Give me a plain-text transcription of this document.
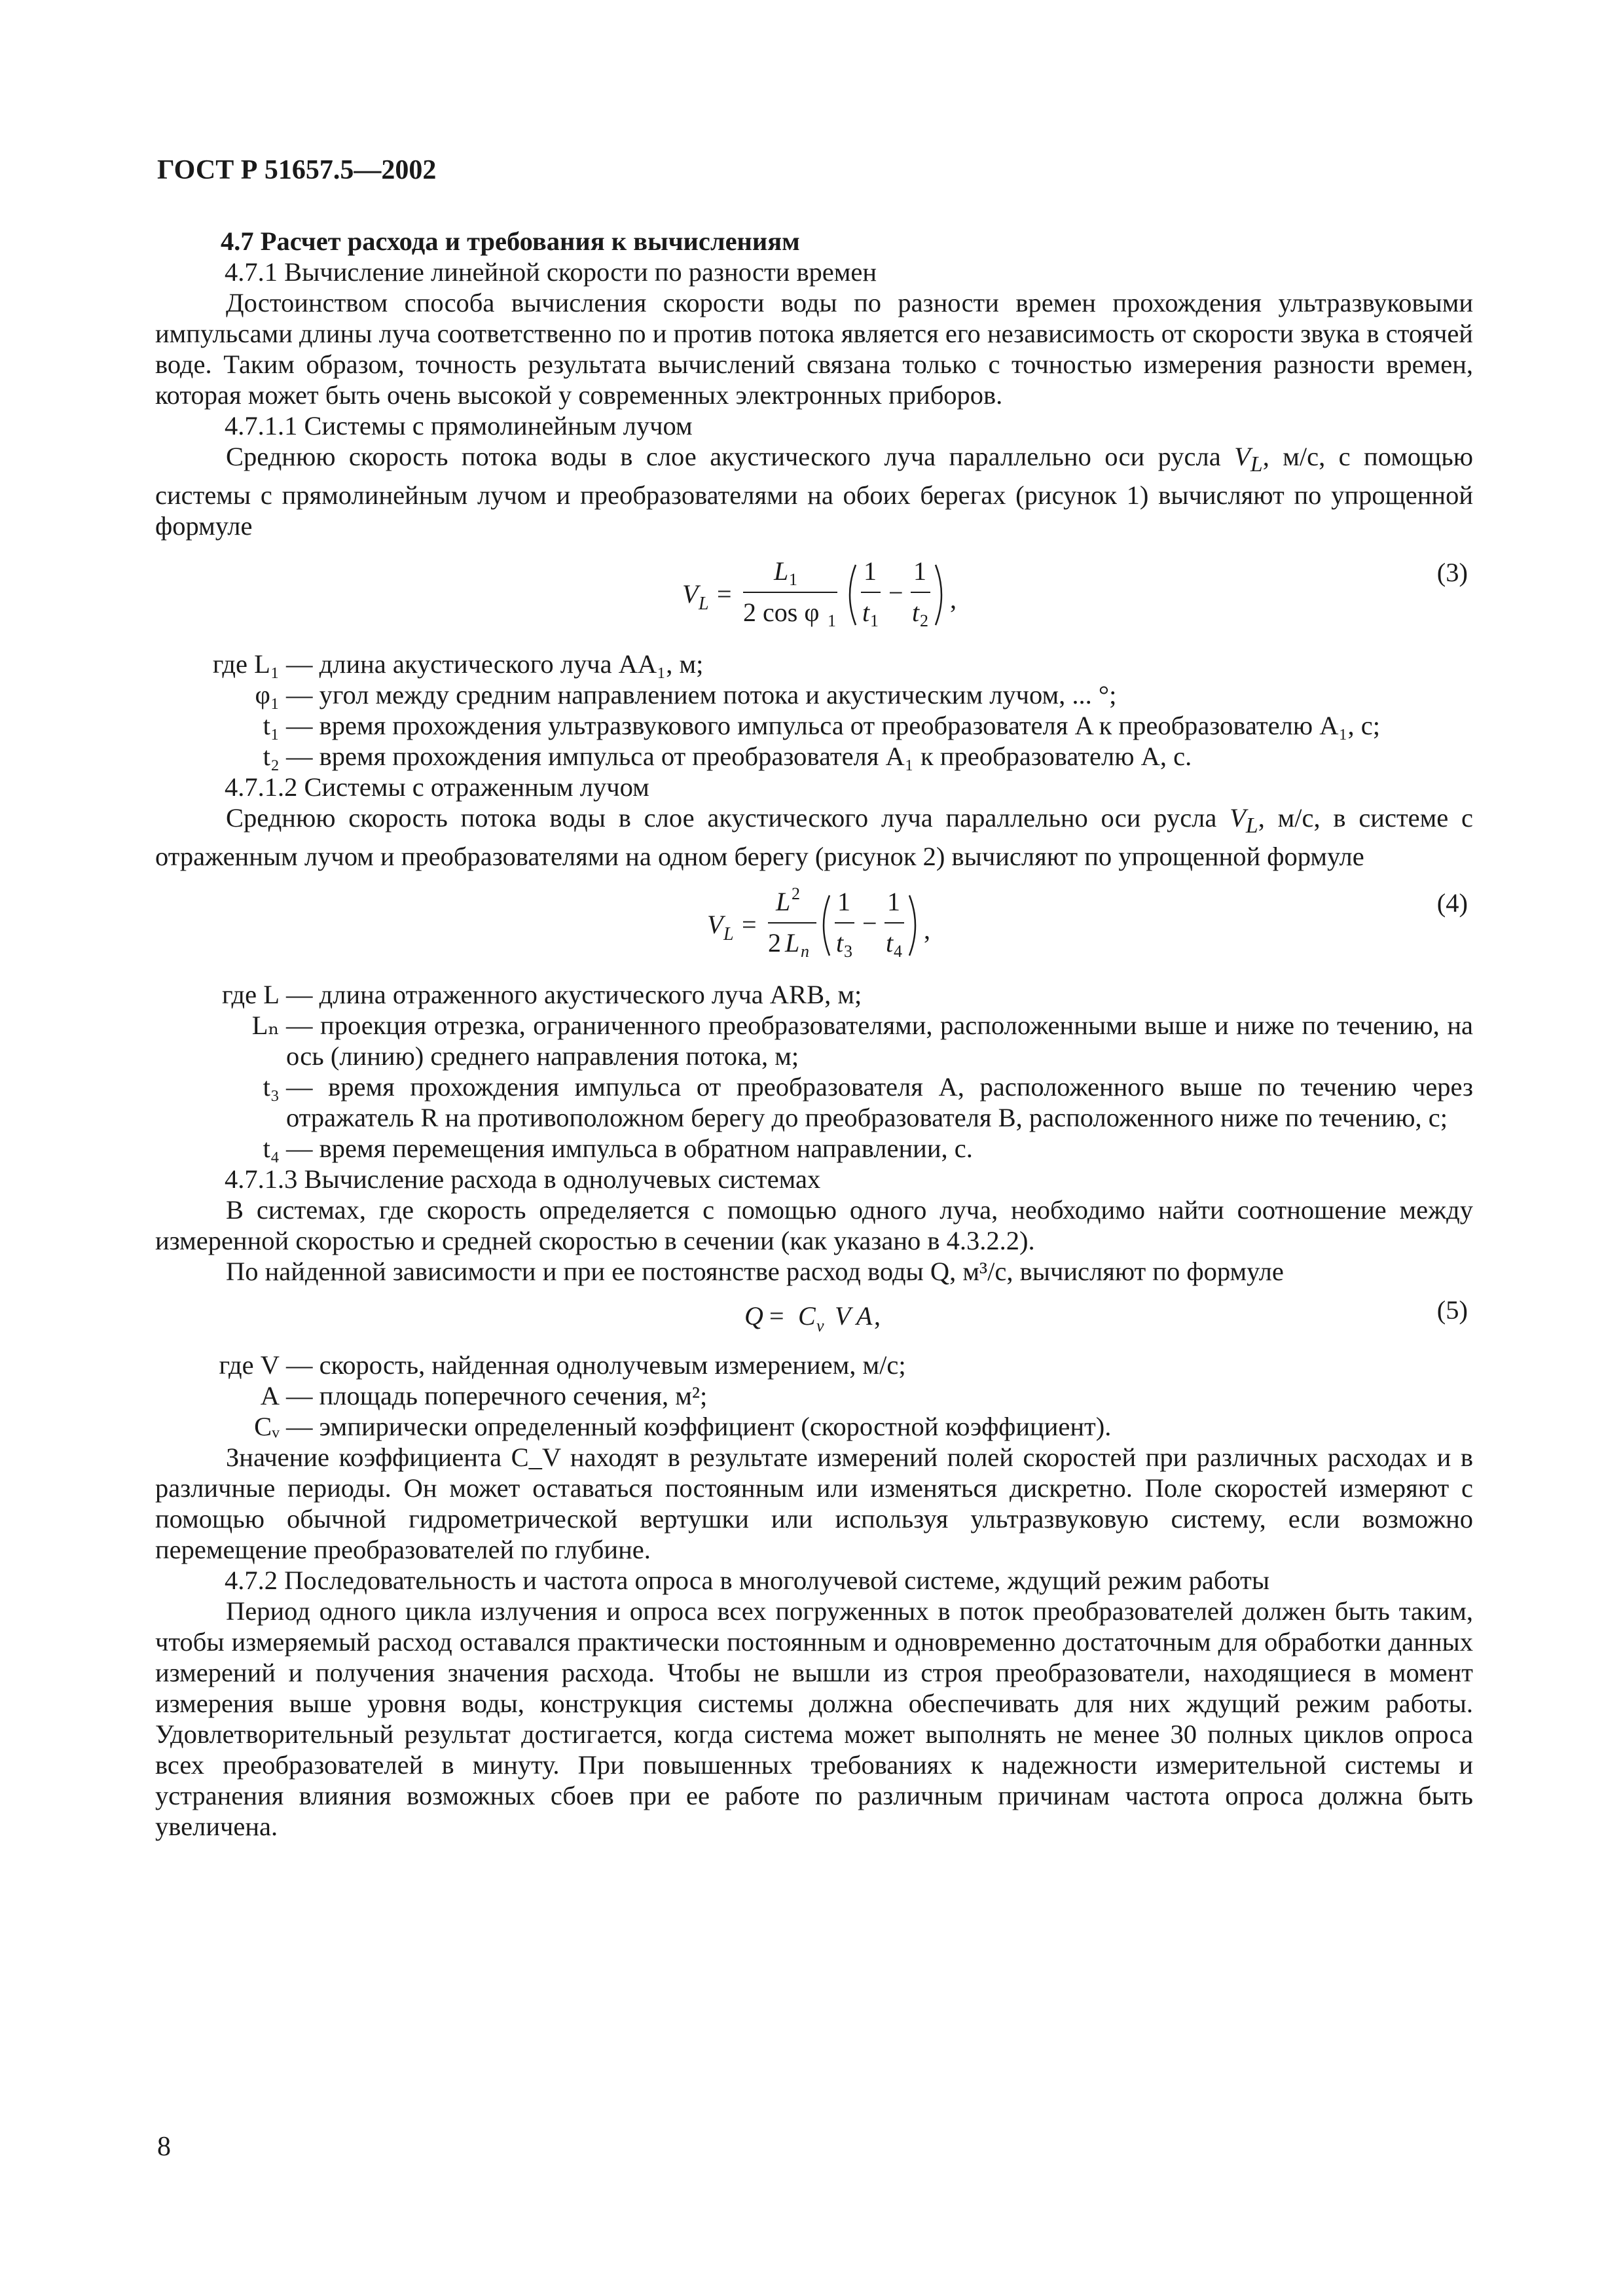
ГОСТ Р 51657.5—2002

4.7 Расчет расхода и требования к вычислениям

4.7.1 Вычисление линейной скорости по разности времен

Достоинством способа вычисления скорости воды по разности времен прохождения ультразвуковыми импульсами длины луча соответственно по и против потока является его независимость от скорости звука в стоячей воде. Таким образом, точность результата вычислений связана только с точностью измерения разности времен, которая может быть очень высокой у современных электронных приборов.

4.7.1.1 Системы с прямолинейным лучом

Среднюю скорость потока воды в слое акустического луча параллельно оси русла $V_L$, м/с, с помощью системы с прямолинейным лучом и преобразователями на обоих берегах (рисунок 1) вычисляют по упрощенной формуле

V L =
L 1
2 cos φ 1
1
t 1
−
1
t 2
,
(3)
где L₁ — длина акустического луча AA₁, м;
φ₁ — угол между средним направлением потока и акустическим лучом, ... °;
t₁ — время прохождения ультразвукового импульса от преобразователя A к преобразователю A₁, с;
t₂ — время прохождения импульса от преобразователя A₁ к преобразователю A, с.

4.7.1.2 Системы с отраженным лучом

Среднюю скорость потока воды в слое акустического луча параллельно оси русла $V_L$, м/с, в системе с отраженным лучом и преобразователями на одном берегу (рисунок 2) вычисляют по упрощенной формуле

V L =
L 2
2 L n
1
t 3
−
1
t 4
,
(4)
где L — длина отраженного акустического луча ARB, м;
Lₙ — проекция отрезка, ограниченного преобразователями, расположенными выше и ниже по течению, на ось (линию) среднего направления потока, м;
t₃ — время прохождения импульса от преобразователя A, расположенного выше по течению через отражатель R на противоположном берегу до преобразователя B, расположенного ниже по течению, с;
t₄ — время перемещения импульса в обратном направлении, с.

4.7.1.3 Вычисление расхода в однолучевых системах

В системах, где скорость определяется с помощью одного луча, необходимо найти соотношение между измеренной скоростью и средней скоростью в сечении (как указано в 4.3.2.2).

По найденной зависимости и при ее постоянстве расход воды Q, м³/с, вычисляют по формуле

Q = C v V A ,	(5)
где V — скорость, найденная однолучевым измерением, м/с;
A — площадь поперечного сечения, м²;
Cᵥ — эмпирически определенный коэффициент (скоростной коэффициент).

Значение коэффициента C_V находят в результате измерений полей скоростей при различных расходах и в различные периоды. Он может оставаться постоянным или изменяться дискретно. Поле скоростей измеряют с помощью обычной гидрометрической вертушки или используя ультразвуковую систему, если возможно перемещение преобразователей по глубине.

4.7.2 Последовательность и частота опроса в многолучевой системе, ждущий режим работы

Период одного цикла излучения и опроса всех погруженных в поток преобразователей должен быть таким, чтобы измеряемый расход оставался практически постоянным и одновременно достаточным для обработки данных измерений и получения значения расхода. Чтобы не вышли из строя преобразователи, находящиеся в момент измерения выше уровня воды, конструкция системы должна обеспечивать для них ждущий режим работы. Удовлетворительный результат достигается, когда система может выполнять не менее 30 полных циклов опроса всех преобразователей в минуту. При повышенных требованиях к надежности измерительной системы и устранения влияния возможных сбоев при ее работе по различным причинам частота опроса должна быть увеличена.

8
